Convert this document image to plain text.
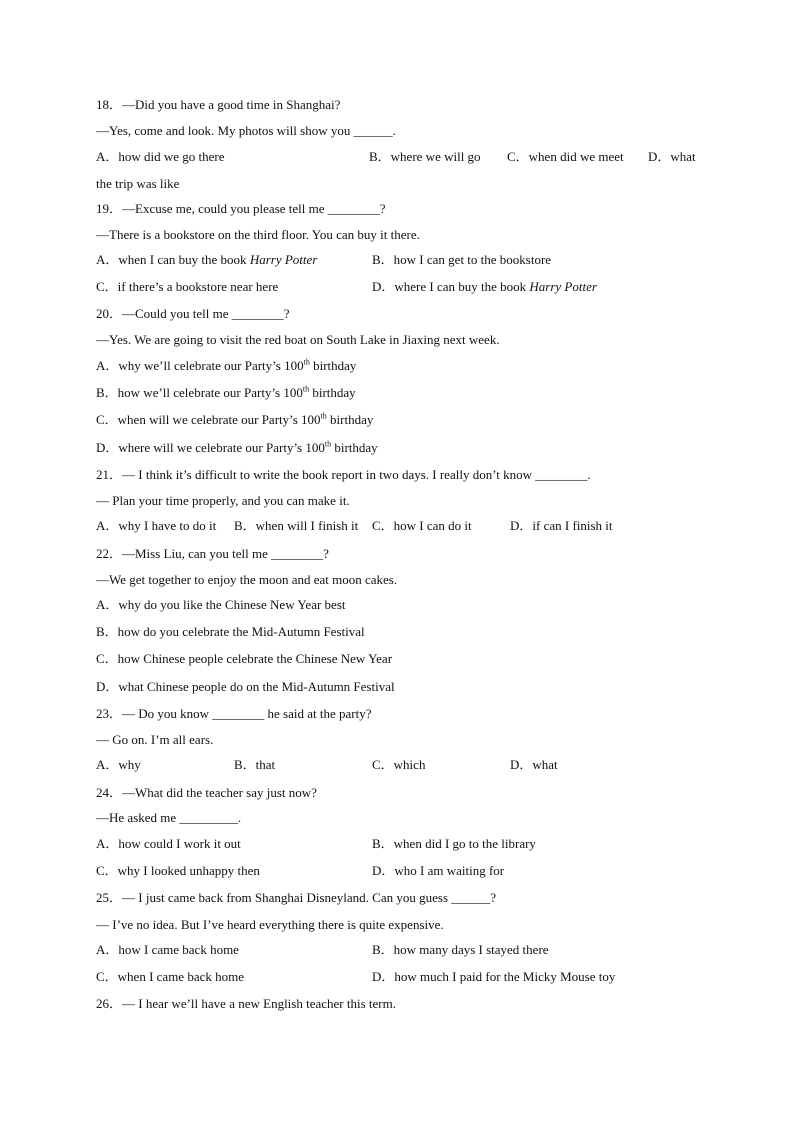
18．—Did you have a good time in Shanghai?
—Yes, come and look. My photos will show you ______.
A．how did we go there	B．where we will go C．when did we meet D．what
the trip was like
19．—Excuse me, could you please tell me ________?
—There is a bookstore on the third floor. You can buy it there.
A．when I can buy the book Harry Potter	B．how I can get to the bookstore
C．if there’s a bookstore near here	D．where I can buy the book Harry Potter
20．—Could you tell me ________?
—Yes. We are going to visit the red boat on South Lake in Jiaxing next week.
A．why we’ll celebrate our Party’s 100th birthday
B．how we’ll celebrate our Party’s 100th birthday
C．when will we celebrate our Party’s 100th birthday
D．where will we celebrate our Party’s 100th birthday
21．— I think it’s difficult to write the book report in two days. I really don’t know ________.
— Plan your time properly, and you can make it.
A．why I have to do it B．when will I finish it C．how I can do it	D．if can I finish it
22．—Miss Liu, can you tell me ________?
—We get together to enjoy the moon and eat moon cakes.
A．why do you like the Chinese New Year best
B．how do you celebrate the Mid-Autumn Festival
C．how Chinese people celebrate the Chinese New Year
D．what Chinese people do on the Mid-Autumn Festival
23．— Do you know ________ he said at the party?
— Go on. I’m all ears.
A．why	B．that	C．which	D．what
24．—What did the teacher say just now?
—He asked me _________.
A．how could I work it out	B．when did I go to the library
C．why I looked unhappy then	D．who I am waiting for
25．— I just came back from Shanghai Disneyland. Can you guess ______?
— I’ve no idea. But I’ve heard everything there is quite expensive.
A．how I came back home	B．how many days I stayed there
C．when I came back home	D．how much I paid for the Micky Mouse toy
26．— I hear we’ll have a new English teacher this term.
